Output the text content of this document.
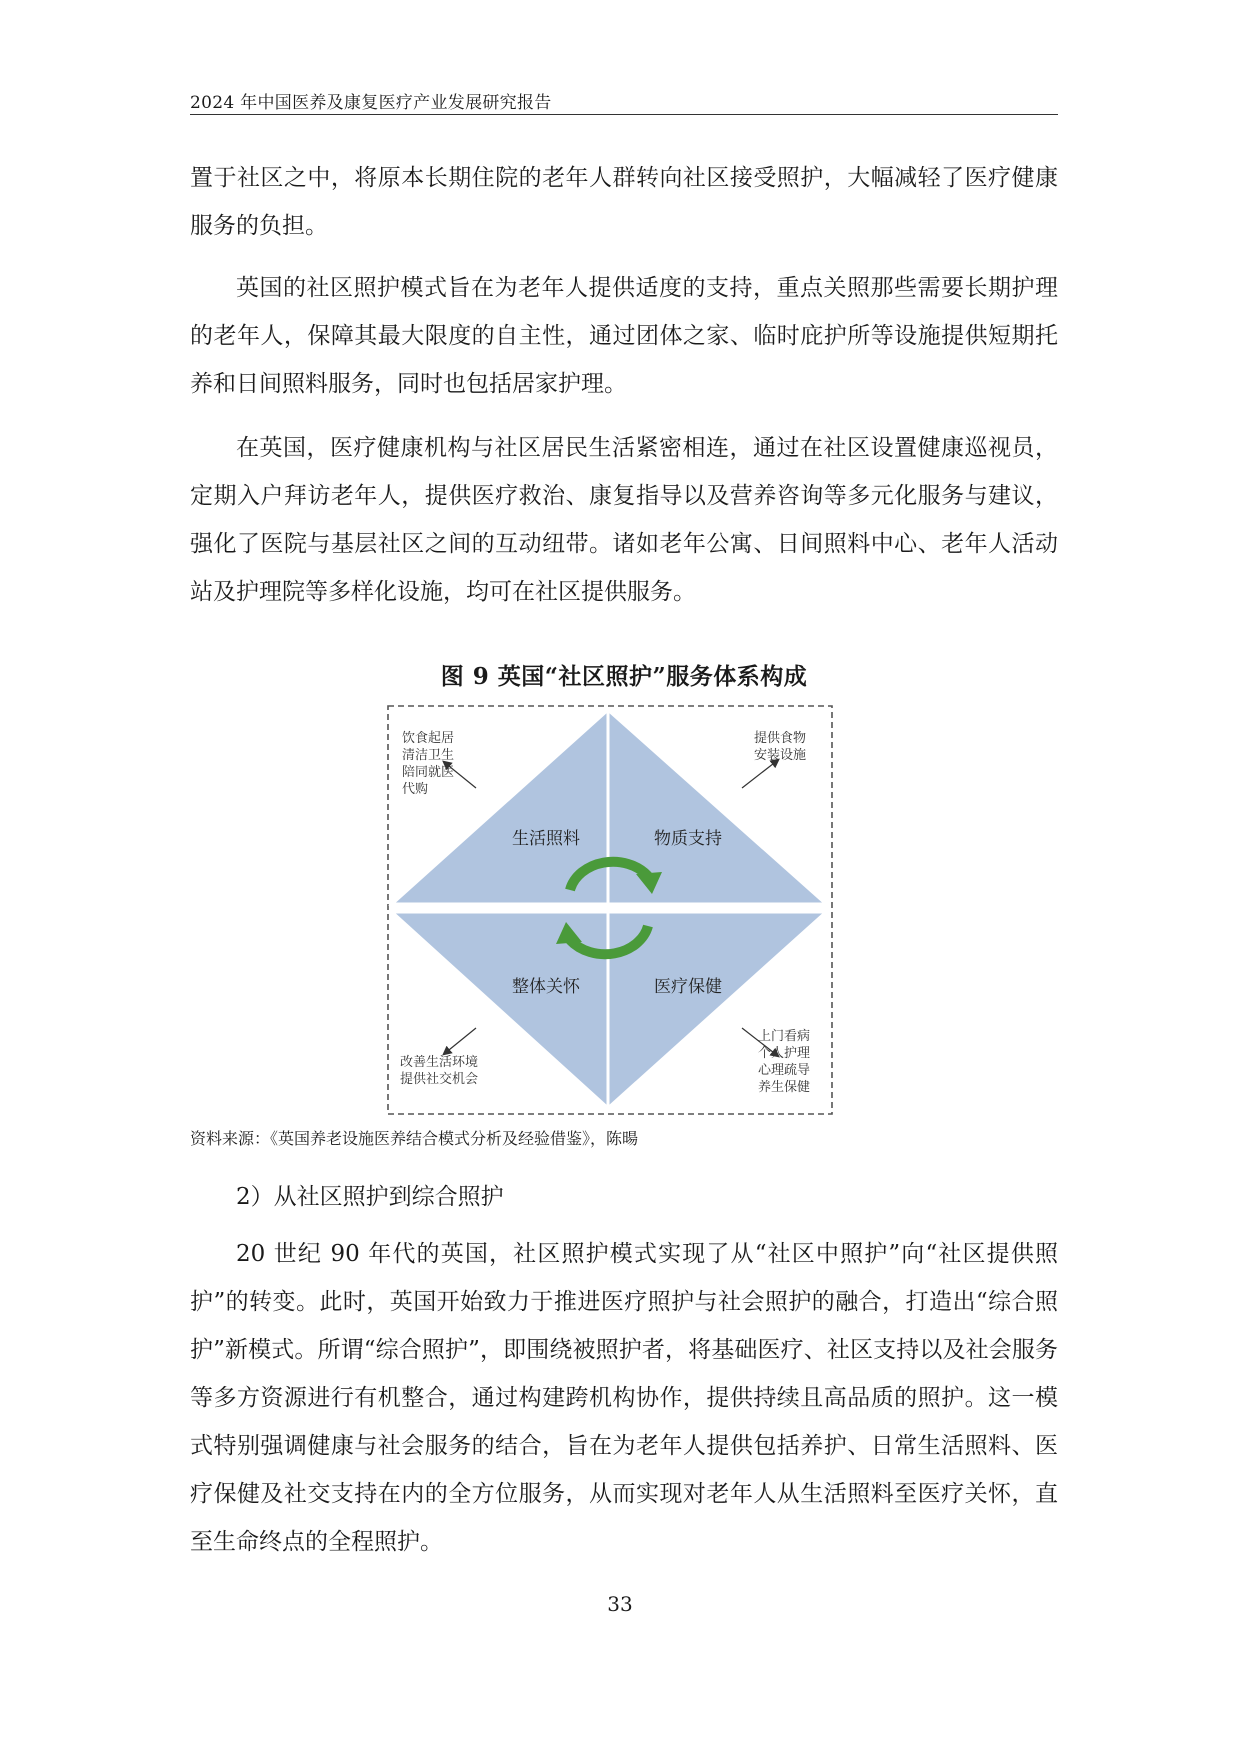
2024 年中国医养及康复医疗产业发展研究报告
置于社区之中，将原本长期住院的老年人群转向社区接受照护，大幅减轻了医疗健康服务的负担。
英国的社区照护模式旨在为老年人提供适度的支持，重点关照那些需要长期护理的老年人，保障其最大限度的自主性，通过团体之家、临时庇护所等设施提供短期托养和日间照料服务，同时也包括居家护理。
在英国，医疗健康机构与社区居民生活紧密相连，通过在社区设置健康巡视员，定期入户拜访老年人，提供医疗救治、康复指导以及营养咨询等多元化服务与建议，强化了医院与基层社区之间的互动纽带。诸如老年公寓、日间照料中心、老年人活动站及护理院等多样化设施，均可在社区提供服务。
图 9 英国“社区照护”服务体系构成
生活照料	物质支持
整体关怀	医疗保健
饮食起居
清洁卫生
陪同就医
代购
提供食物
安装设施
改善生活环境
提供社交机会
上门看病
个人护理
心理疏导
养生保健
资料来源：《英国养老设施医养结合模式分析及经验借鉴》，陈暘
2）从社区照护到综合照护
20 世纪 90 年代的英国，社区照护模式实现了从“社区中照护”向“社区提供照护”的转变。此时，英国开始致力于推进医疗照护与社会照护的融合，打造出“综合照护”新模式。所谓“综合照护”，即围绕被照护者，将基础医疗、社区支持以及社会服务等多方资源进行有机整合，通过构建跨机构协作，提供持续且高品质的照护。这一模式特别强调健康与社会服务的结合，旨在为老年人提供包括养护、日常生活照料、医疗保健及社交支持在内的全方位服务，从而实现对老年人从生活照料至医疗关怀，直至生命终点的全程照护。
33
